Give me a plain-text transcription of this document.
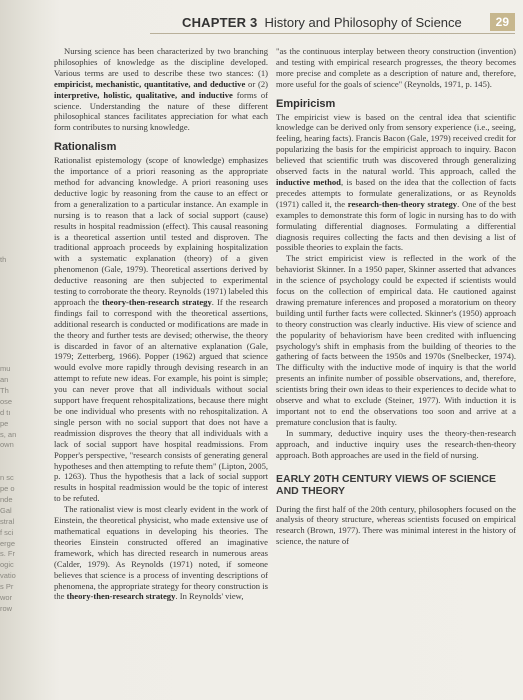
CHAPTER 3 History and Philosophy of Science	29
th

mu
an
Th
ose
d tı
pe
s, an
own

n sc
pe o
nde
Gal
stral
f sci
erge
s. Fr
ogic
vatio
s Pr
wor
row

Nursing science has been characterized by two branching philosophies of knowledge as the discipline developed. Various terms are used to describe these two stances: (1) empiricist, mechanistic, quantitative, and deductive or (2) interpretive, holistic, qualitative, and inductive forms of science. Understanding the nature of these different philosophical stances facilitates appreciation for what each form contributes to nursing knowledge.

Rationalism

Rationalist epistemology (scope of knowledge) emphasizes the importance of a priori reasoning as the appropriate method for advancing knowledge. A priori reasoning uses deductive logic by reasoning from the cause to an effect or from a generalization to a particular instance. An example in nursing is to reason that a lack of social support (cause) results in hospital readmission (effect). This causal reasoning is a theoretical assertion until tested and disproven. The traditional approach proceeds by explaining hospitalization with a systematic explanation (theory) of a given phenomenon (Gale, 1979). Theoretical assertions derived by deductive reasoning are then subjected to experimental testing to corroborate the theory. Reynolds (1971) labeled this approach the theory-then-research strategy. If the research findings fail to correspond with the theoretical assertions, additional research is conducted or modifications are made in the theory and further tests are devised; otherwise, the theory is discarded in favor of an alternative explanation (Gale, 1979; Zetterberg, 1966). Popper (1962) argued that science would evolve more rapidly through devising research in an attempt to refute new ideas. For example, his point is simple; you can never prove that all individuals without social support have frequent rehospitalizations, because there might be one individual who presents with no rehospitalization. A single person with no social support that does not have a readmission disproves the theory that all individuals with a lack of social support have hospital readmissions. From Popper's perspective, "research consists of generating general hypotheses and then attempting to refute them" (Lipton, 2005, p. 1263). Thus the hypothesis that a lack of social support results in hospital readmission would be the topic of interest to be refuted.

The rationalist view is most clearly evident in the work of Einstein, the theoretical physicist, who made extensive use of mathematical equations in developing his theories. The theories Einstein constructed offered an imaginative framework, which has directed research in numerous areas (Calder, 1979). As Reynolds (1971) noted, if someone believes that science is a process of inventing descriptions of phenomena, the appropriate strategy for theory construction is the theory-then-research strategy. In Reynolds' view,

"as the continuous interplay between theory construction (invention) and testing with empirical research progresses, the theory becomes more precise and complete as a description of nature and, therefore, more useful for the goals of science" (Reynolds, 1971, p. 145).

Empiricism

The empiricist view is based on the central idea that scientific knowledge can be derived only from sensory experience (i.e., seeing, feeling, hearing facts). Francis Bacon (Gale, 1979) received credit for popularizing the basis for the empiricist approach to inquiry. Bacon believed that scientific truth was discovered through generalizing observed facts in the natural world. This approach, called the inductive method, is based on the idea that the collection of facts precedes attempts to formulate generalizations, or as Reynolds (1971) called it, the research-then-theory strategy. One of the best examples to demonstrate this form of logic in nursing has to do with formulating differential diagnoses. Formulating a differential diagnosis requires collecting the facts and then devising a list of possible theories to explain the facts.

The strict empiricist view is reflected in the work of the behaviorist Skinner. In a 1950 paper, Skinner asserted that advances in the science of psychology could be expected if scientists would focus on the collection of empirical data. He cautioned against drawing premature inferences and proposed a moratorium on theory building until further facts were collected. Skinner's (1950) approach to theory construction was clearly inductive. His view of science and the popularity of behaviorism have been credited with influencing psychology's shift in emphasis from the building of theories to the gathering of facts between the 1950s and 1970s (Snelbecker, 1974). The difficulty with the inductive mode of inquiry is that the world presents an infinite number of possible observations, and, therefore, scientists bring their own ideas to their experiences to decide what to observe and what to exclude (Steiner, 1977). With induction it is important not to end the observations too soon and arrive at a premature conclusion that is faulty.

In summary, deductive inquiry uses the theory-then-research approach, and inductive inquiry uses the research-then-theory approach. Both approaches are used in the field of nursing.

EARLY 20TH CENTURY VIEWS OF SCIENCE AND THEORY

During the first half of the 20th century, philosophers focused on the analysis of theory structure, whereas scientists focused on empirical research (Brown, 1977). There was minimal interest in the history of science, the nature of
